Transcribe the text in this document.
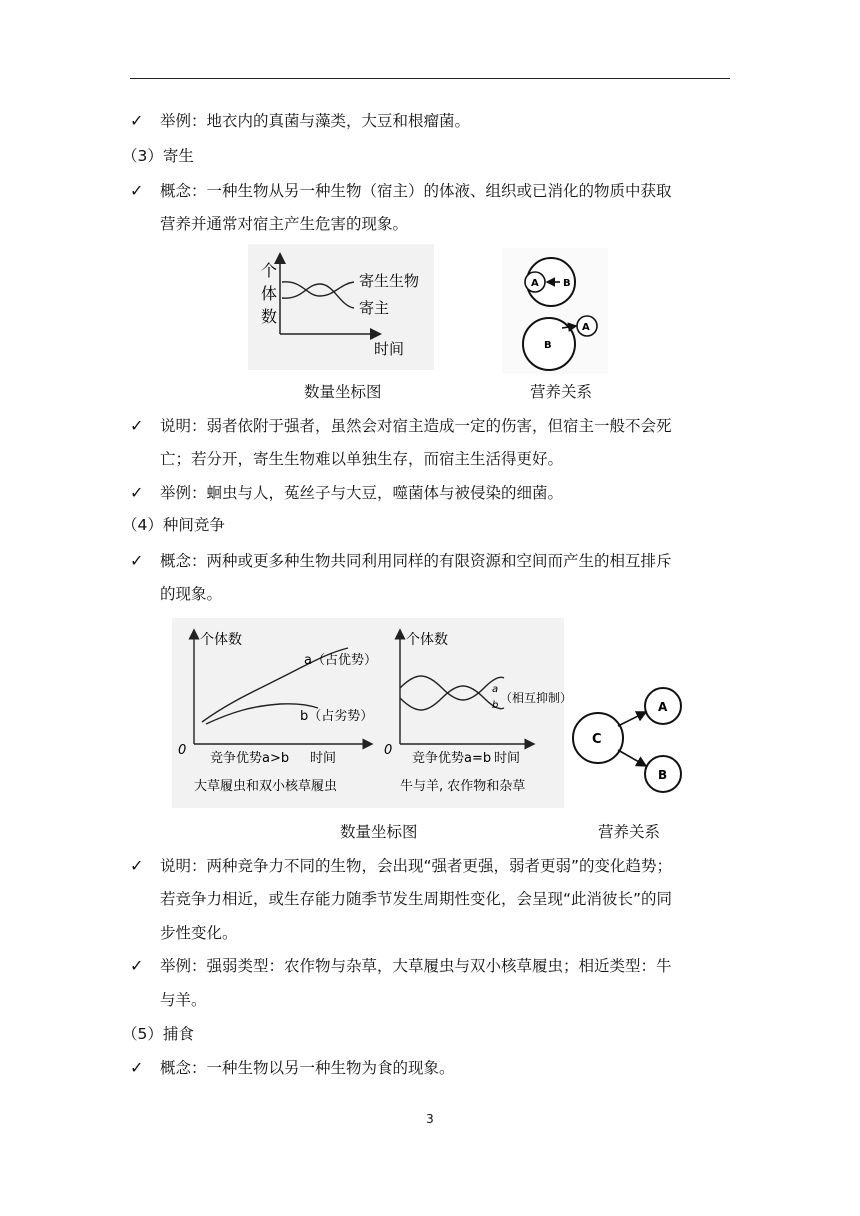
✓ 举例：地衣内的真菌与藻类，大豆和根瘤菌。
（3）寄生
✓ 概念：一种生物从另一种生物（宿主）的体液、组织或已消化的物质中获取
营养并通常对宿主产生危害的现象。
个
体
数
寄生生物
寄主
时间
A B
A
B
数量坐标图	营养关系
✓ 说明：弱者依附于强者，虽然会对宿主造成一定的伤害，但宿主一般不会死
亡；若分开，寄生生物难以单独生存，而宿主生活得更好。
✓ 举例：蛔虫与人，菟丝子与大豆，噬菌体与被侵染的细菌。
（4）种间竞争
✓ 概念：两种或更多种生物共同利用同样的有限资源和空间而产生的相互排斥
的现象。
个体数
a（占优势）
b（占劣势）
0
竞争优势a>b 时间
大草履虫和双小核草履虫
个体数
a
b
（相互抑制）
0
竞争优势a=b 时间
牛与羊, 农作物和杂草
C
A
B
数量坐标图	营养关系
✓ 说明：两种竞争力不同的生物，会出现“强者更强，弱者更弱”的变化趋势；
若竞争力相近，或生存能力随季节发生周期性变化，会呈现“此消彼长”的同
步性变化。
✓ 举例：强弱类型：农作物与杂草，大草履虫与双小核草履虫；相近类型：牛
与羊。
（5）捕食
✓ 概念：一种生物以另一种生物为食的现象。
3
